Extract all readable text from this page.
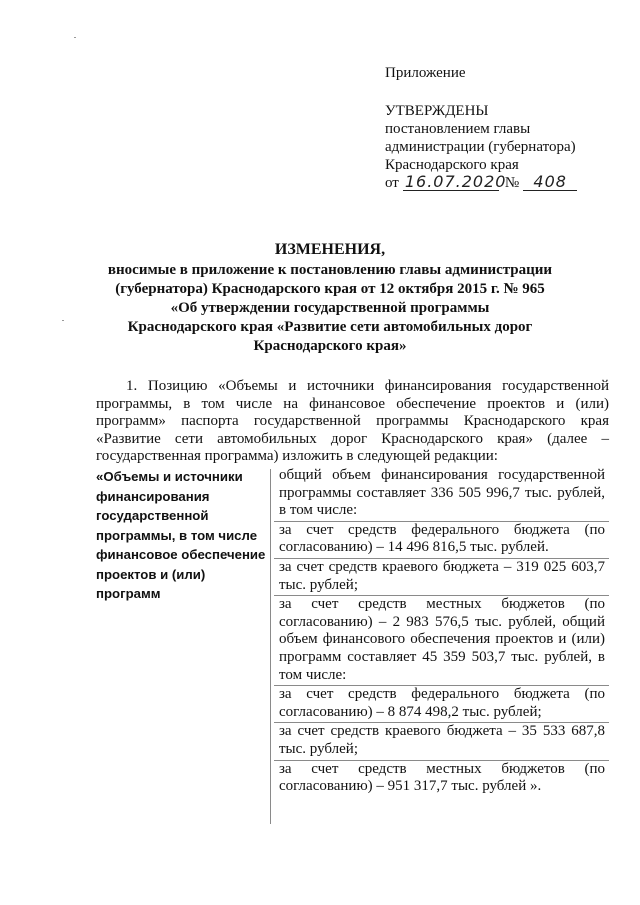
Приложение
УТВЕРЖДЕНЫ
постановлением главы
администрации (губернатора)
Краснодарского края
от 16.07.2020
№ 408
ИЗМЕНЕНИЯ,
вносимые в приложение к постановлению главы администрации
(губернатора) Краснодарского края от 12 октября 2015 г. № 965
«Об утверждении государственной программы
Краснодарского края «Развитие сети автомобильных дорог
Краснодарского края»
1. Позицию «Объемы и источники финансирования государственной программы, в том числе на финансовое обеспечение проектов и (или) программ» паспорта государственной программы Краснодарского края «Развитие сети автомобильных дорог Краснодарского края» (далее – государственная программа) изложить в следующей редакции:
«Объемы и источники
финансирования
государственной
программы, в том числе
финансовое обеспечение
проектов и (или)
программ
общий объем финансирования государственной программы составляет 336 505 996,7 тыс. рублей, в том числе:
за счет средств федерального бюджета (по согласованию) – 14 496 816,5 тыс. рублей.
за счет средств краевого бюджета – 319 025 603,7 тыс. рублей;
за счет средств местных бюджетов (по согласованию) – 2 983 576,5 тыс. рублей, общий объем финансового обеспечения проектов и (или) программ составляет 45 359 503,7 тыс. рублей, в том числе:
за счет средств федерального бюджета (по согласованию) – 8 874 498,2 тыс. рублей;
за счет средств краевого бюджета – 35 533 687,8 тыс. рублей;
за счет средств местных бюджетов (по согласованию) – 951 317,7 тыс. рублей ».
